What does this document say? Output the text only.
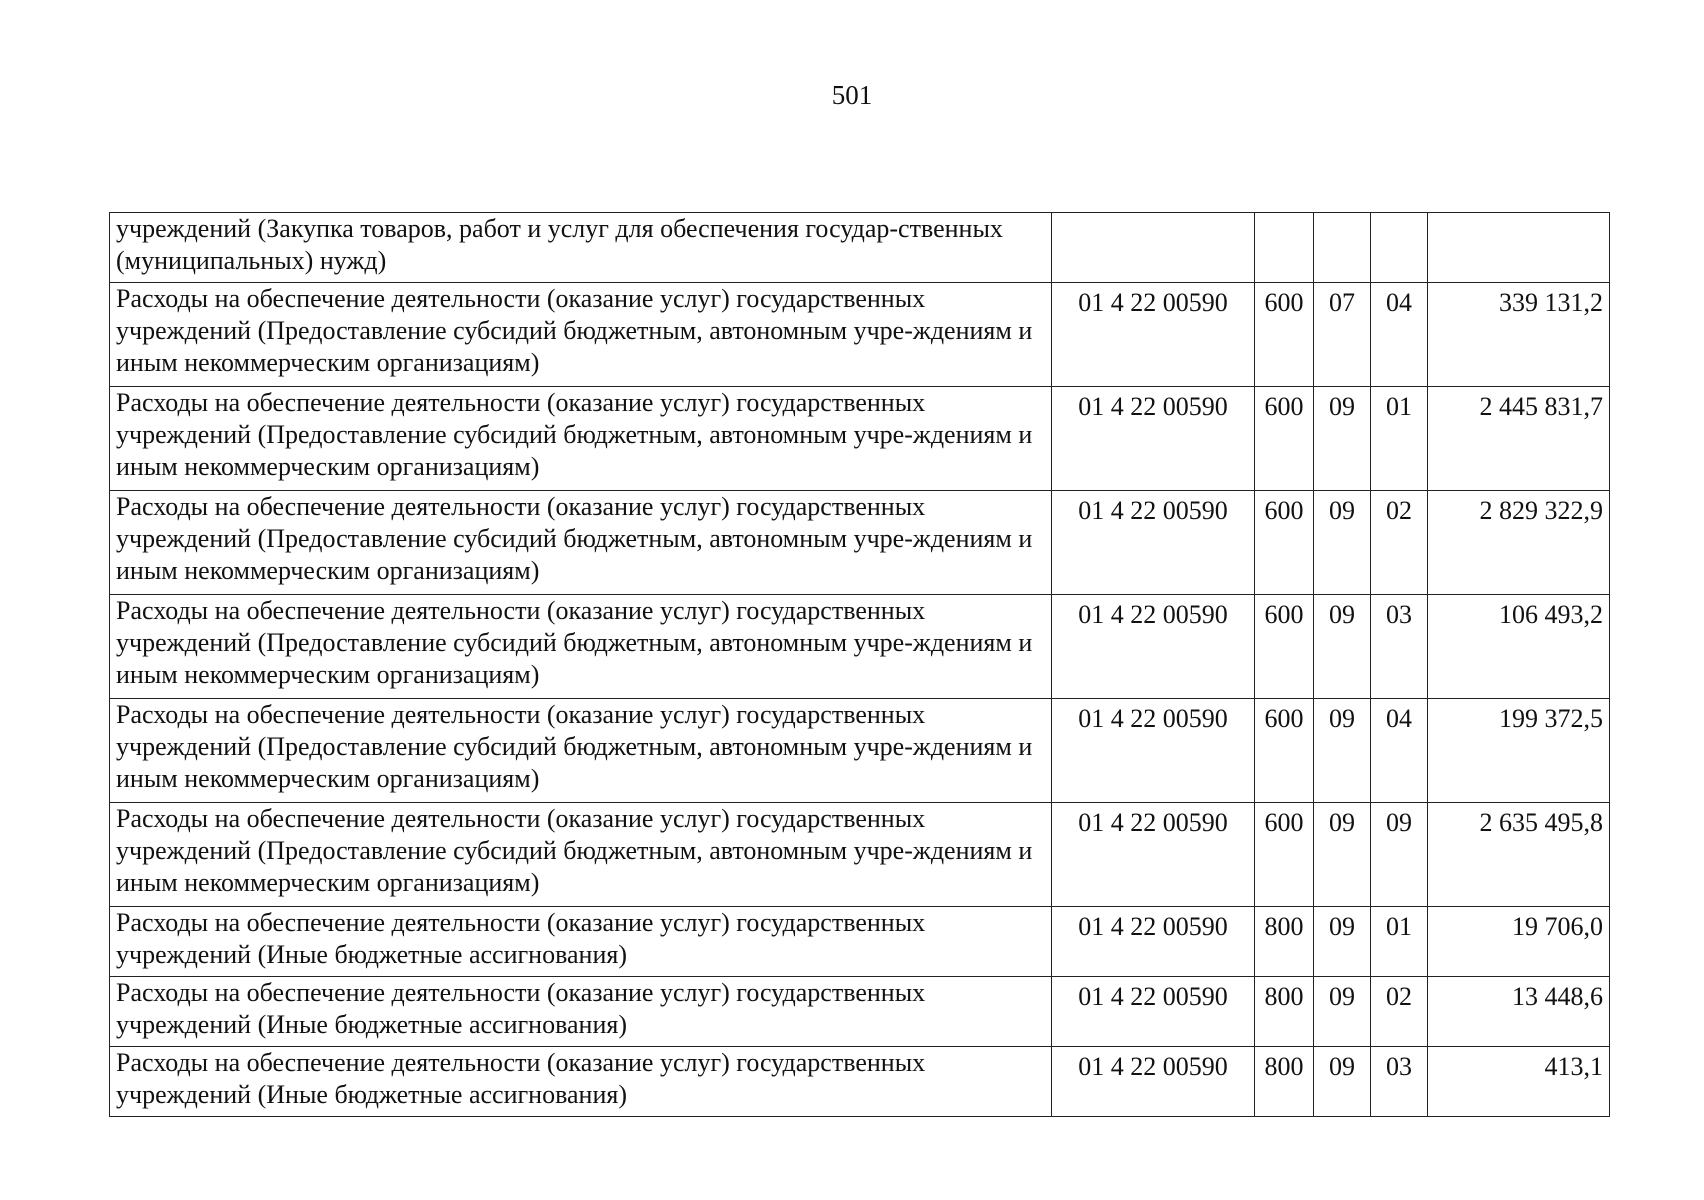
501
учреждений (Закупка товаров, работ и услуг для обеспечения государ-ственных (муниципальных) нужд)					
Расходы на обеспечение деятельности (оказание услуг) государственных учреждений (Предоставление субсидий бюджетным, автономным учре-ждениям и иным некоммерческим организациям)	01 4 22 00590	600	07	04	339 131,2
Расходы на обеспечение деятельности (оказание услуг) государственных учреждений (Предоставление субсидий бюджетным, автономным учре-ждениям и иным некоммерческим организациям)	01 4 22 00590	600	09	01	2 445 831,7
Расходы на обеспечение деятельности (оказание услуг) государственных учреждений (Предоставление субсидий бюджетным, автономным учре-ждениям и иным некоммерческим организациям)	01 4 22 00590	600	09	02	2 829 322,9
Расходы на обеспечение деятельности (оказание услуг) государственных учреждений (Предоставление субсидий бюджетным, автономным учре-ждениям и иным некоммерческим организациям)	01 4 22 00590	600	09	03	106 493,2
Расходы на обеспечение деятельности (оказание услуг) государственных учреждений (Предоставление субсидий бюджетным, автономным учре-ждениям и иным некоммерческим организациям)	01 4 22 00590	600	09	04	199 372,5
Расходы на обеспечение деятельности (оказание услуг) государственных учреждений (Предоставление субсидий бюджетным, автономным учре-ждениям и иным некоммерческим организациям)	01 4 22 00590	600	09	09	2 635 495,8
Расходы на обеспечение деятельности (оказание услуг) государственных учреждений (Иные бюджетные ассигнования)	01 4 22 00590	800	09	01	19 706,0
Расходы на обеспечение деятельности (оказание услуг) государственных учреждений (Иные бюджетные ассигнования)	01 4 22 00590	800	09	02	13 448,6
Расходы на обеспечение деятельности (оказание услуг) государственных учреждений (Иные бюджетные ассигнования)	01 4 22 00590	800	09	03	413,1
